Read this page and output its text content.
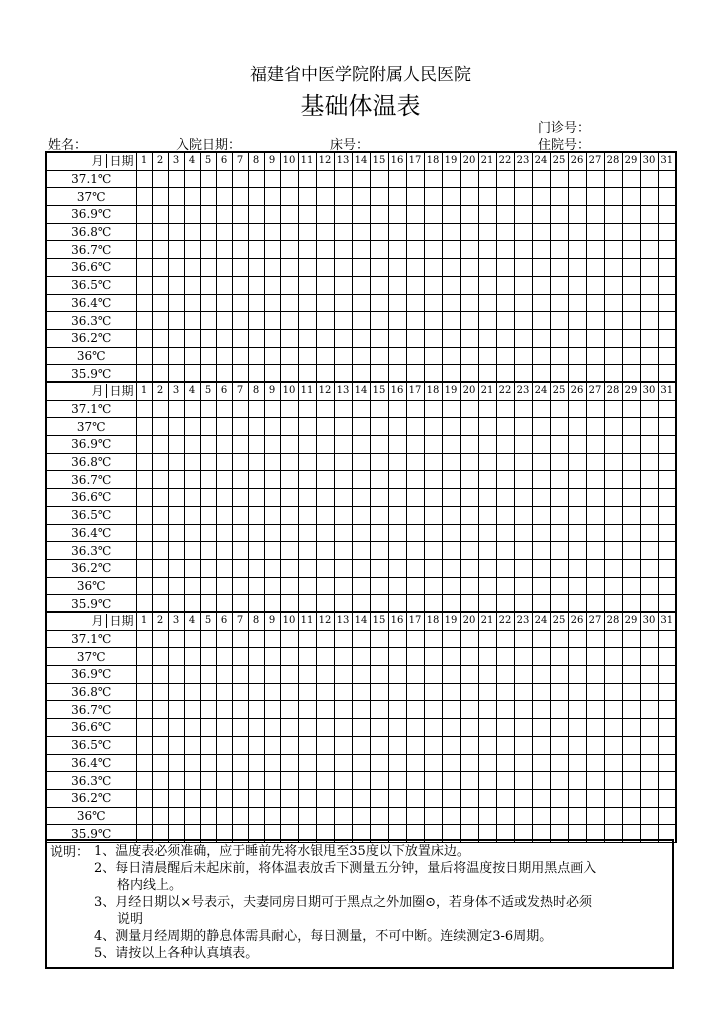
福建省中医学院附属人民医院
基础体温表
门诊号：
姓名：	入院日期：	床号：	住院号：
月 日期	1	2	3	4	5	6	7	8	9	10	11	12	13	14	15	16	17	18	19	20	21	22	23	24	25	26	27	28	29	30	31
37.1℃																															
37℃																															
36.9℃																															
36.8℃																															
36.7℃																															
36.6℃																															
36.5℃																															
36.4℃																															
36.3℃																															
36.2℃																															
36℃																															
35.9℃																															
月 日期	1	2	3	4	5	6	7	8	9	10	11	12	13	14	15	16	17	18	19	20	21	22	23	24	25	26	27	28	29	30	31
37.1℃																															
37℃																															
36.9℃																															
36.8℃																															
36.7℃																															
36.6℃																															
36.5℃																															
36.4℃																															
36.3℃																															
36.2℃																															
36℃																															
35.9℃																															
月 日期	1	2	3	4	5	6	7	8	9	10	11	12	13	14	15	16	17	18	19	20	21	22	23	24	25	26	27	28	29	30	31
37.1℃																															
37℃																															
36.9℃																															
36.8℃																															
36.7℃																															
36.6℃																															
36.5℃																															
36.4℃																															
36.3℃																															
36.2℃																															
36℃																															
35.9℃																															
说明： 1、温度表必须准确，应于睡前先将水银甩至35度以下放置床边。
2、每日清晨醒后未起床前，将体温表放舌下测量五分钟，量后将温度按日期用黑点画入
格内线上。
3、月经日期以×号表示，夫妻同房日期可于黑点之外加圈⊙，若身体不适或发热时必须
说明
4、测量月经周期的静息体需具耐心，每日测量，不可中断。连续测定3-6周期。
5、请按以上各种认真填表。
